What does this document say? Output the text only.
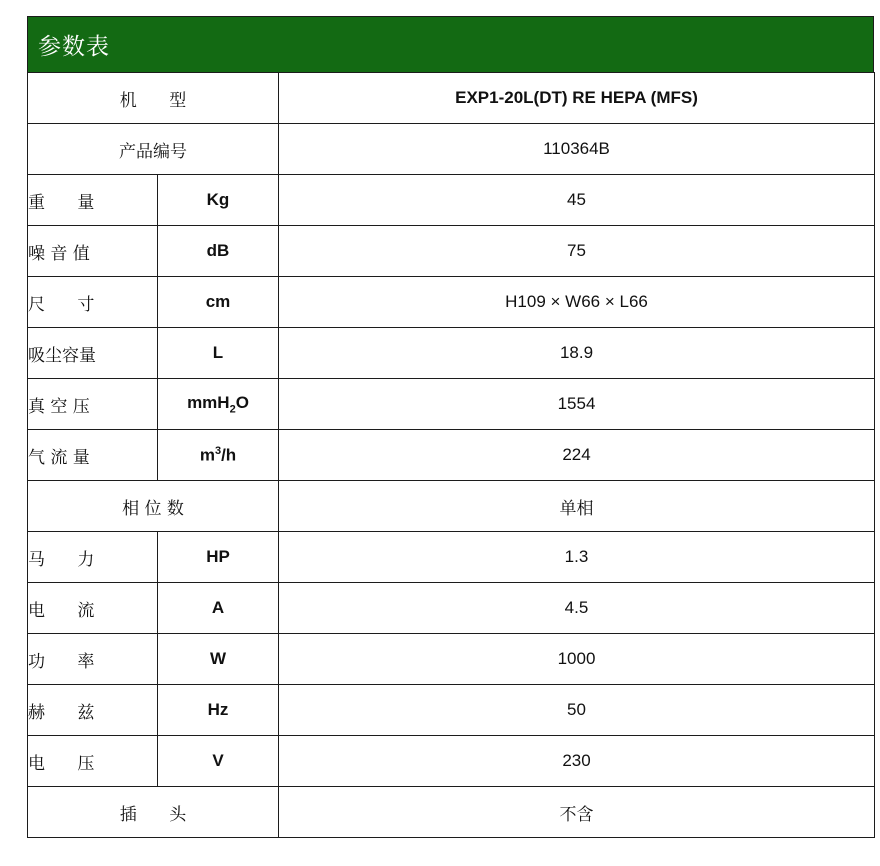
参数表
机      型		EXP1-20L(DT) RE HEPA (MFS)
产品编号		110364B
重      量	Kg	45
噪 音 值	dB	75
尺      寸	cm	H109 × W66 × L66
吸尘容量	L	18.9
真 空 压	mmH$_2$O	1554
气 流 量	$m^3/h$	224
相 位 数		单相
马      力	HP	1.3
电      流	A	4.5
功      率	W	1000
赫      兹	Hz	50
电      压	V	230
插      头		不含
